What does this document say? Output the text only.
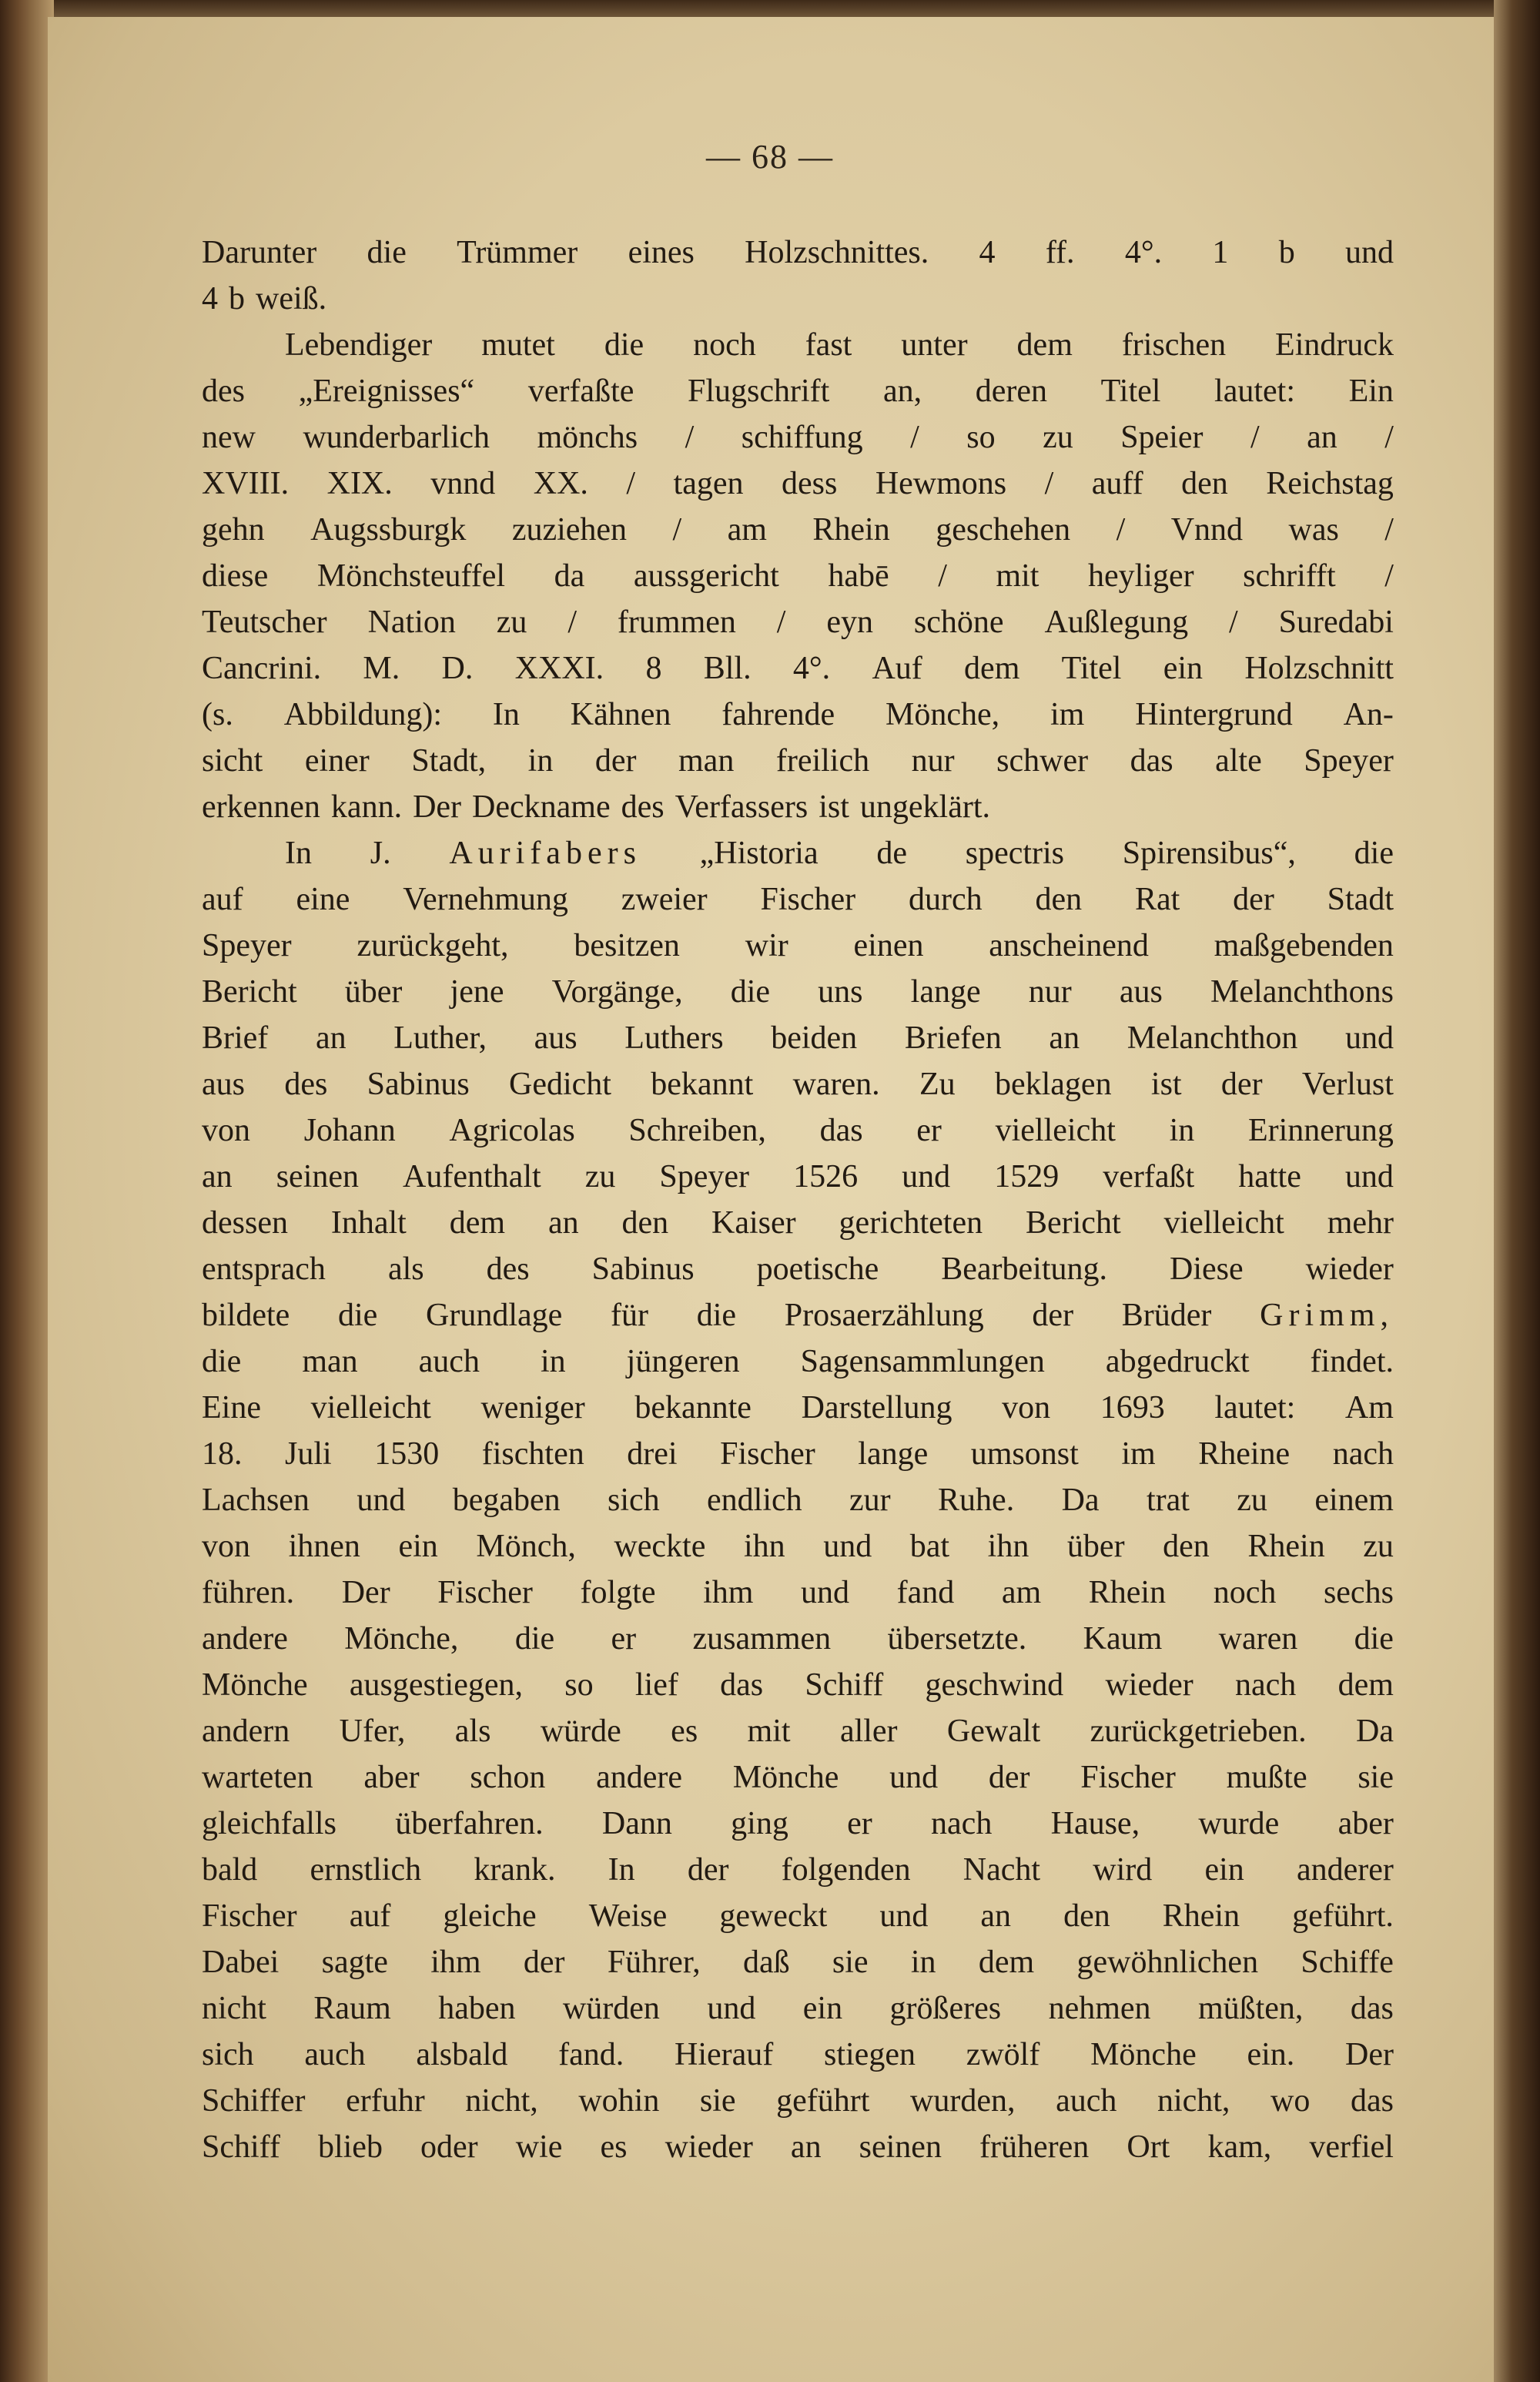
— 68 —
Darunter die Trümmer eines Holzschnittes. 4 ff. 4°. 1 b und
4 b weiß.
Lebendiger mutet die noch fast unter dem frischen Eindruck
des „Ereignisses“ verfaßte Flugschrift an, deren Titel lautet: Ein
new wunderbarlich mönchs / schiffung / so zu Speier / an /
XVIII. XIX. vnnd XX. / tagen dess Hewmons / auff den Reichstag
gehn Augssburgk zuziehen / am Rhein geschehen / Vnnd was /
diese Mönchsteuffel da aussgericht habē / mit heyliger schrifft /
Teutscher Nation zu / frummen / eyn schöne Außlegung / Suredabi
Cancrini. M. D. XXXI. 8 Bll. 4°. Auf dem Titel ein Holzschnitt
(s. Abbildung): In Kähnen fahrende Mönche, im Hintergrund An-
sicht einer Stadt, in der man freilich nur schwer das alte Speyer
erkennen kann. Der Deckname des Verfassers ist ungeklärt.
In J. Aurifabers „Historia de spectris Spirensibus“, die
auf eine Vernehmung zweier Fischer durch den Rat der Stadt
Speyer zurückgeht, besitzen wir einen anscheinend maßgebenden
Bericht über jene Vorgänge, die uns lange nur aus Melanchthons
Brief an Luther, aus Luthers beiden Briefen an Melanchthon und
aus des Sabinus Gedicht bekannt waren. Zu beklagen ist der Verlust
von Johann Agricolas Schreiben, das er vielleicht in Erinnerung
an seinen Aufenthalt zu Speyer 1526 und 1529 verfaßt hatte und
dessen Inhalt dem an den Kaiser gerichteten Bericht vielleicht mehr
entsprach als des Sabinus poetische Bearbeitung. Diese wieder
bildete die Grundlage für die Prosaerzählung der Brüder Grimm,
die man auch in jüngeren Sagensammlungen abgedruckt findet.
Eine vielleicht weniger bekannte Darstellung von 1693 lautet: Am
18. Juli 1530 fischten drei Fischer lange umsonst im Rheine nach
Lachsen und begaben sich endlich zur Ruhe. Da trat zu einem
von ihnen ein Mönch, weckte ihn und bat ihn über den Rhein zu
führen. Der Fischer folgte ihm und fand am Rhein noch sechs
andere Mönche, die er zusammen übersetzte. Kaum waren die
Mönche ausgestiegen, so lief das Schiff geschwind wieder nach dem
andern Ufer, als würde es mit aller Gewalt zurückgetrieben. Da
warteten aber schon andere Mönche und der Fischer mußte sie
gleichfalls überfahren. Dann ging er nach Hause, wurde aber
bald ernstlich krank. In der folgenden Nacht wird ein anderer
Fischer auf gleiche Weise geweckt und an den Rhein geführt.
Dabei sagte ihm der Führer, daß sie in dem gewöhnlichen Schiffe
nicht Raum haben würden und ein größeres nehmen müßten, das
sich auch alsbald fand. Hierauf stiegen zwölf Mönche ein. Der
Schiffer erfuhr nicht, wohin sie geführt wurden, auch nicht, wo das
Schiff blieb oder wie es wieder an seinen früheren Ort kam, verfiel
